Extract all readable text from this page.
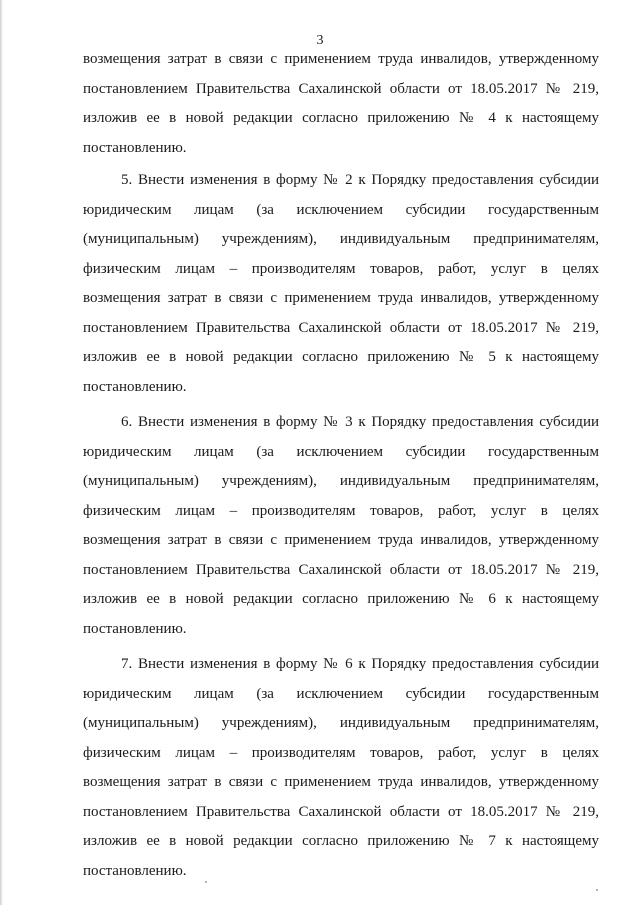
3
возмещения затрат в связи с применением труда инвалидов, утвержденному
постановлением Правительства Сахалинской области от 18.05.2017 № 219,
изложив ее в новой редакции согласно приложению № 4 к настоящему
постановлению.
5. Внести изменения в форму № 2 к Порядку предоставления субсидии
юридическим лицам (за исключением субсидии государственным
(муниципальным) учреждениям), индивидуальным предпринимателям,
физическим лицам – производителям товаров, работ, услуг в целях
возмещения затрат в связи с применением труда инвалидов, утвержденному
постановлением Правительства Сахалинской области от 18.05.2017 № 219,
изложив ее в новой редакции согласно приложению № 5 к настоящему
постановлению.
6. Внести изменения в форму № 3 к Порядку предоставления субсидии
юридическим лицам (за исключением субсидии государственным
(муниципальным) учреждениям), индивидуальным предпринимателям,
физическим лицам – производителям товаров, работ, услуг в целях
возмещения затрат в связи с применением труда инвалидов, утвержденному
постановлением Правительства Сахалинской области от 18.05.2017 № 219,
изложив ее в новой редакции согласно приложению № 6 к настоящему
постановлению.
7. Внести изменения в форму № 6 к Порядку предоставления субсидии
юридическим лицам (за исключением субсидии государственным
(муниципальным) учреждениям), индивидуальным предпринимателям,
физическим лицам – производителям товаров, работ, услуг в целях
возмещения затрат в связи с применением труда инвалидов, утвержденному
постановлением Правительства Сахалинской области от 18.05.2017 № 219,
изложив ее в новой редакции согласно приложению № 7 к настоящему
постановлению.
